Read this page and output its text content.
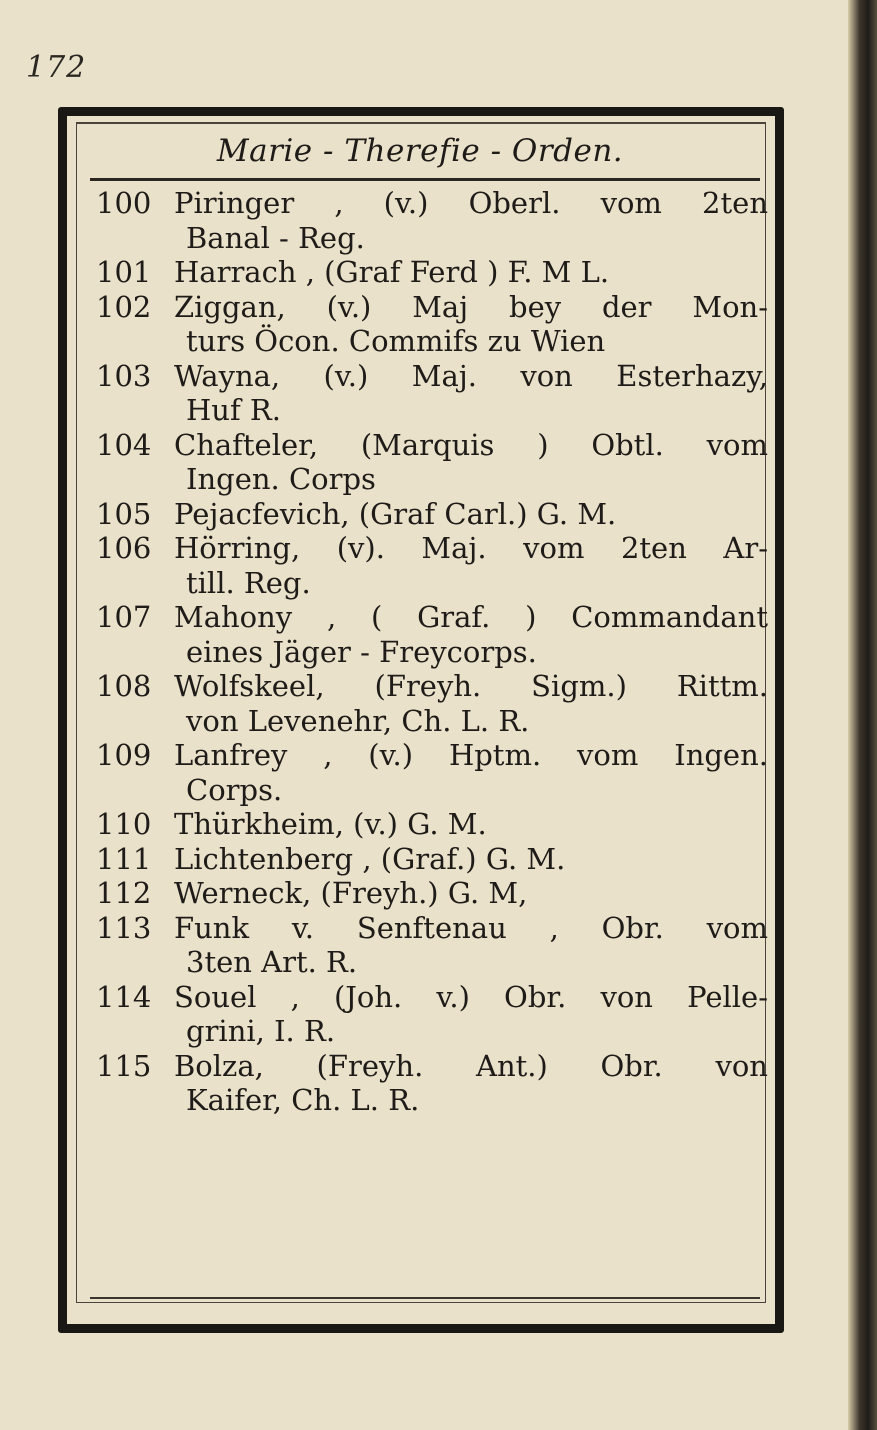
172
Marie - Therefie - Orden.
100 Piringer , (v.) Oberl. vom 2ten
Banal - Reg.
101 Harrach , (Graf Ferd ) F. M L.
102 Ziggan, (v.) Maj bey der Mon-
turs Öcon. Commifs zu Wien
103 Wayna, (v.) Maj. von Esterhazy,
Huf R.
104 Chafteler, (Marquis ) Obtl. vom
Ingen. Corps
105 Pejacfevich, (Graf Carl.) G. M.
106 Hörring, (v). Maj. vom 2ten Ar-
till. Reg.
107 Mahony , ( Graf. ) Commandant
eines Jäger - Freycorps.
108 Wolfskeel, (Freyh. Sigm.) Rittm.
von Levenehr, Ch. L. R.
109 Lanfrey , (v.) Hptm. vom Ingen.
Corps.
110 Thürkheim, (v.) G. M.
111 Lichtenberg , (Graf.) G. M.
112 Werneck, (Freyh.) G. M,
113 Funk v. Senftenau , Obr. vom
3ten Art. R.
114 Souel , (Joh. v.) Obr. von Pelle-
grini, I. R.
115 Bolza, (Freyh. Ant.) Obr. von
Kaifer, Ch. L. R.
